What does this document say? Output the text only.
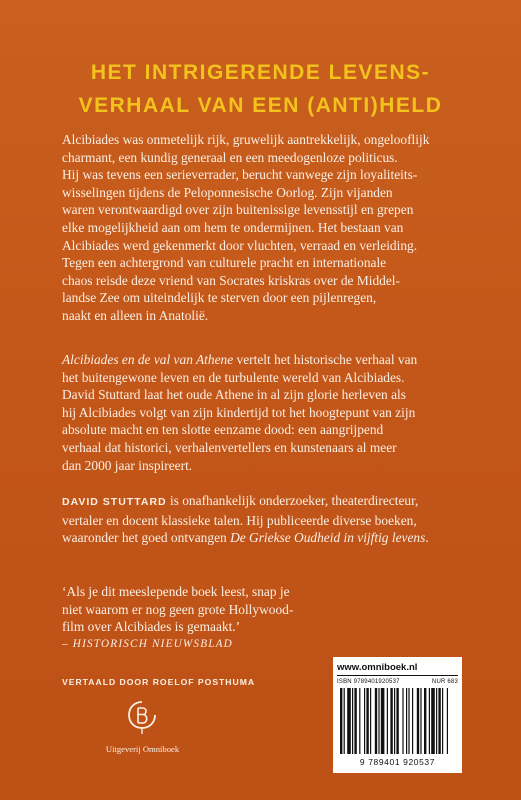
HET INTRIGERENDE LEVENS-
VERHAAL VAN EEN (ANTI)HELD
Alcibiades was onmetelijk rijk, gruwelijk aantrekkelijk, ongelooflijk
charmant, een kundig generaal en een meedogenloze politicus.
Hij was tevens een serieverrader, berucht vanwege zijn loyaliteits-
wisselingen tijdens de Peloponnesische Oorlog. Zijn vijanden
waren verontwaardigd over zijn buitenissige levensstijl en grepen
elke mogelijkheid aan om hem te ondermijnen. Het bestaan van
Alcibiades werd gekenmerkt door vluchten, verraad en verleiding.
Tegen een achtergrond van culturele pracht en internationale
chaos reisde deze vriend van Socrates kriskras over de Middel-
landse Zee om uiteindelijk te sterven door een pijlenregen,
naakt en alleen in Anatolië.
Alcibiades en de val van Athene vertelt het historische verhaal van
het buitengewone leven en de turbulente wereld van Alcibiades.
David Stuttard laat het oude Athene in al zijn glorie herleven als
hij Alcibiades volgt van zijn kindertijd tot het hoogtepunt van zijn
absolute macht en ten slotte eenzame dood: een aangrijpend
verhaal dat historici, verhalenvertellers en kunstenaars al meer
dan 2000 jaar inspireert.
DAVID STUTTARD is onafhankelijk onderzoeker, theaterdirecteur,
vertaler en docent klassieke talen. Hij publiceerde diverse boeken,
waaronder het goed ontvangen De Griekse Oudheid in vijftig levens.
‘Als je dit meeslepende boek leest, snap je
niet waarom er nog geen grote Hollywood-
film over Alcibiades is gemaakt.’
– HISTORISCH NIEUWSBLAD
VERTAALD DOOR ROELOF POSTHUMA
Uitgeverij Omniboek
www.omniboek.nl
ISBN 9789401920537	NUR 683
9 789401 920537
